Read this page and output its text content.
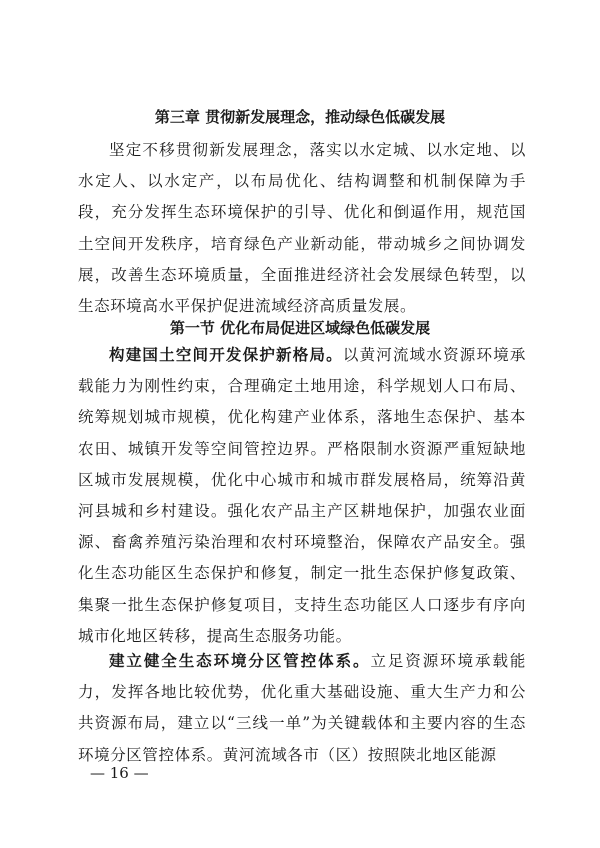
第三章 贯彻新发展理念，推动绿色低碳发展

坚定不移贯彻新发展理念，落实以水定城、以水定地、以水定人、以水定产，以布局优化、结构调整和机制保障为手段，充分发挥生态环境保护的引导、优化和倒逼作用，规范国土空间开发秩序，培育绿色产业新动能，带动城乡之间协调发展，改善生态环境质量，全面推进经济社会发展绿色转型，以生态环境高水平保护促进流域经济高质量发展。

第一节 优化布局促进区域绿色低碳发展

构建国土空间开发保护新格局。以黄河流域水资源环境承载能力为刚性约束，合理确定土地用途，科学规划人口布局、统筹规划城市规模，优化构建产业体系，落地生态保护、基本农田、城镇开发等空间管控边界。严格限制水资源严重短缺地区城市发展规模，优化中心城市和城市群发展格局，统筹沿黄河县城和乡村建设。强化农产品主产区耕地保护，加强农业面源、畜禽养殖污染治理和农村环境整治，保障农产品安全。强化生态功能区生态保护和修复，制定一批生态保护修复政策、集聚一批生态保护修复项目，支持生态功能区人口逐步有序向城市化地区转移，提高生态服务功能。

建立健全生态环境分区管控体系。立足资源环境承载能力，发挥各地比较优势，优化重大基础设施、重大生产力和公共资源布局，建立以“三线一单”为关键载体和主要内容的生态环境分区管控体系。黄河流域各市（区）按照陕北地区能源

— 16 —
